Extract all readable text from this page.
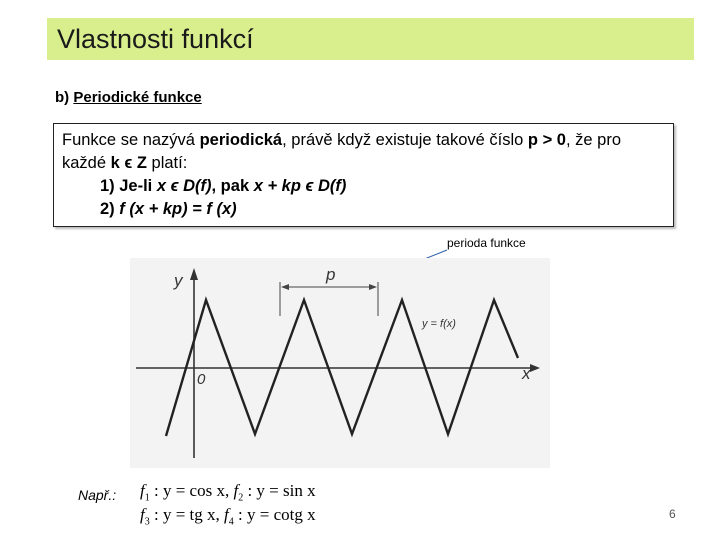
Vlastnosti funkcí
b) Periodické funkce
Funkce se nazývá periodická, právě když existuje takové číslo p > 0, že pro
každé k ϵ Z platí:
1) Je-li x ϵ D(f), pak x + kp ϵ D(f)
2) f (x + kp) = f (x)
perioda funkce
y
x
0
p
y = f(x)
Např.: $f_1$ : y = cos x, $f_2$ : y = sin x
$f_3$ : y = tg x, $f_4$ : y = cotg x	6
